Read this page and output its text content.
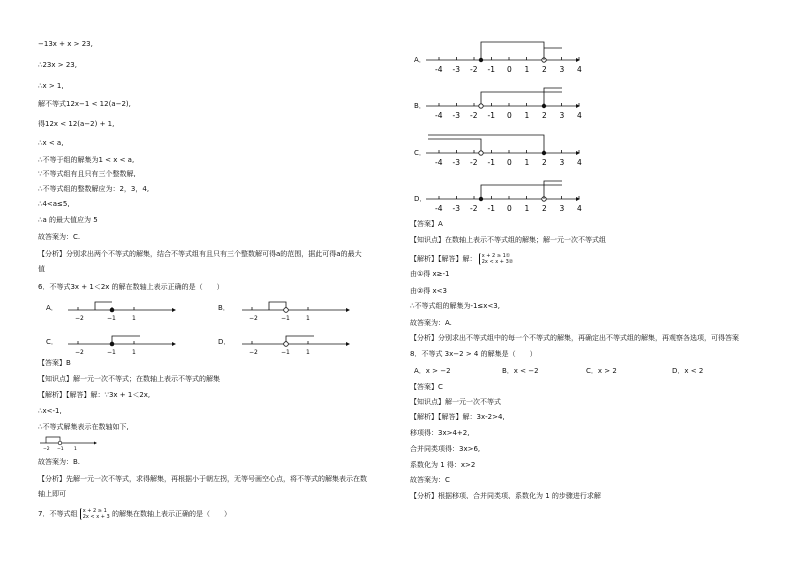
−13x + x > 23,
∴23x > 23,
∴x > 1,
解不等式12x−1 < 12(a−2),
得12x < 12(a−2) + 1,
∴x < a,
∴不等于组的解集为1 < x < a,
∵不等式组有且只有三个整数解,
∴不等式组的整数解应为：2，3，4,
∴4<a≤5,
∴a 的最大值应为 5
故答案为：C.
【分析】分别求出两个不等式的解集，结合不等式组有且只有三个整数解可得a的范围，据此可得a的最大
值
6．不等式3x + 1＜2x 的解在数轴上表示正确的是（　　）
A．
−2	−1	1
B．
−2	−1	1
C．
−2	−1	1
D．
−2	−1	1
【答案】B
【知识点】解一元一次不等式；在数轴上表示不等式的解集
【解析】【解答】解：∵3x + 1＜2x,
∴x<-1,
∴不等式解集表示在数轴如下,
−2 −1 1
故答案为：B.
【分析】先解一元一次不等式，求得解集，再根据小于朝左拐，无等号画空心点，将不等式的解集表示在数
轴上即可
7．不等式组 x + 2 ≥ 1
2x < x + 3 的解集在数轴上表示正确的是（　　）
A．
-4 -3 -2 -1 0 1 2 3 4
B．
-4 -3 -2 -1 0 1 2 3 4
C．
-4 -3 -2 -1 0 1 2 3 4
D．
-4 -3 -2 -1 0 1 2 3 4
【答案】A
【知识点】在数轴上表示不等式组的解集；解一元一次不等式组
【解析】【解答】解： x + 2 ≥ 1①
2x < x + 3②
由①得 x≥-1
由②得 x<3
∴不等式组的解集为-1≤x<3,
故答案为：A.
【分析】分别求出不等式组中的每一个不等式的解集，再确定出不等式组的解集，再观察各选项，可得答案
8．不等式 3x−2 > 4 的解集是（　　）
A．x > −2	B．x < −2	C．x > 2	D．x < 2
【答案】C
【知识点】解一元一次不等式
【解析】【解答】解：3x-2>4,
移项得：3x>4+2,
合并同类项得：3x>6,
系数化为 1 得：x>2
故答案为：C
【分析】根据移项、合并同类项、系数化为 1 的步骤进行求解
